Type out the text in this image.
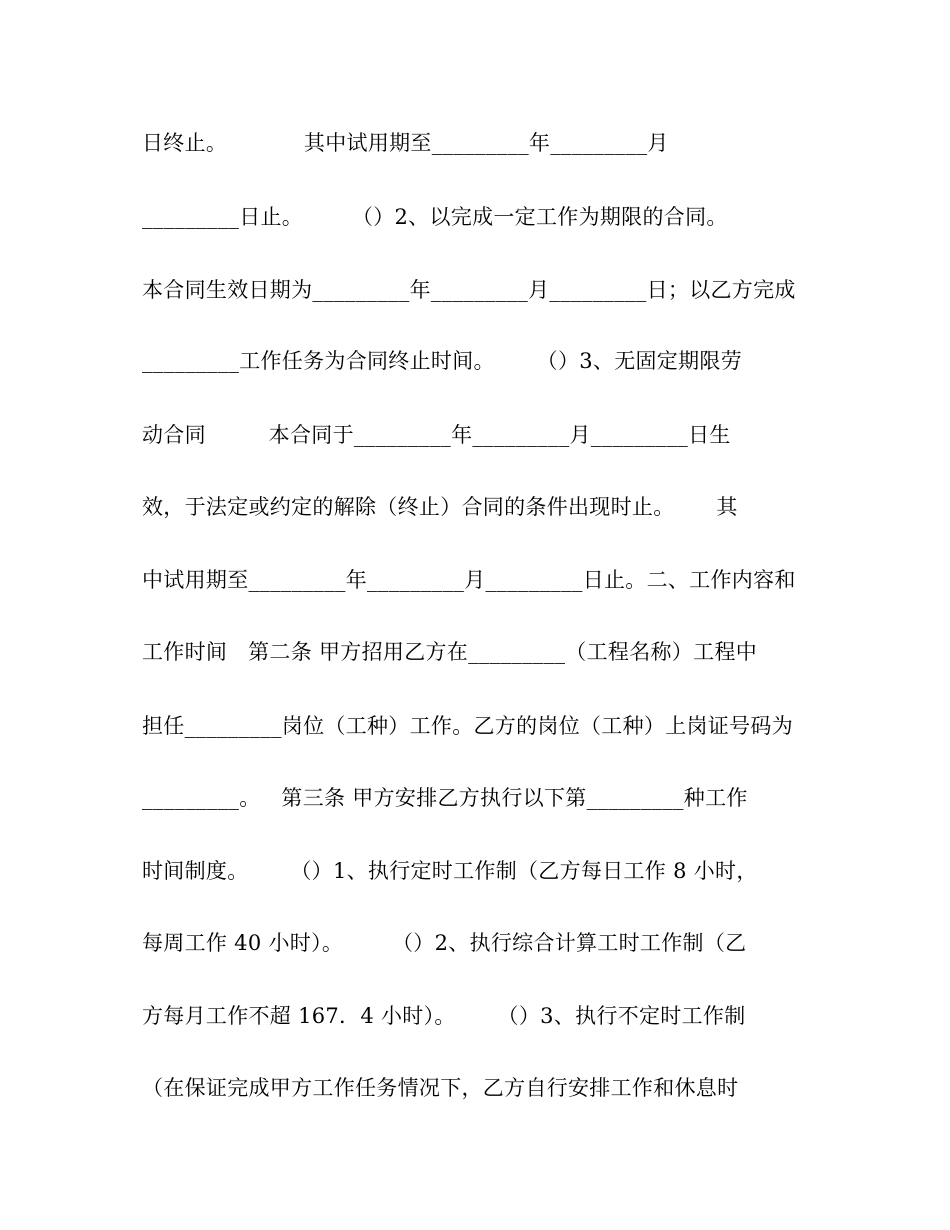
日终止。           其中试用期至_________年_________月
_________日止。       （）2、以完成一定工作为期限的合同。
本合同生效日期为_________年_________月_________日；以乙方完成
_________工作任务为合同终止时间。      （）3、无固定期限劳
动合同         本合同于_________年_________月_________日生
效，于法定或约定的解除（终止）合同的条件出现时止。      其
中试用期至_________年_________月_________日止。二、工作内容和
工作时间   第二条 甲方招用乙方在_________（工程名称）工程中
担任_________岗位（工种）工作。乙方的岗位（工种）上岗证号码为
_________。   第三条 甲方安排乙方执行以下第_________种工作
时间制度。      （）1、执行定时工作制（乙方每日工作 8 小时，
每周工作 40 小时）。       （）2、执行综合计算工时工作制（乙
方每月工作不超 167．4 小时）。      （）3、执行不定时工作制
（在保证完成甲方工作任务情况下，乙方自行安排工作和休息时
